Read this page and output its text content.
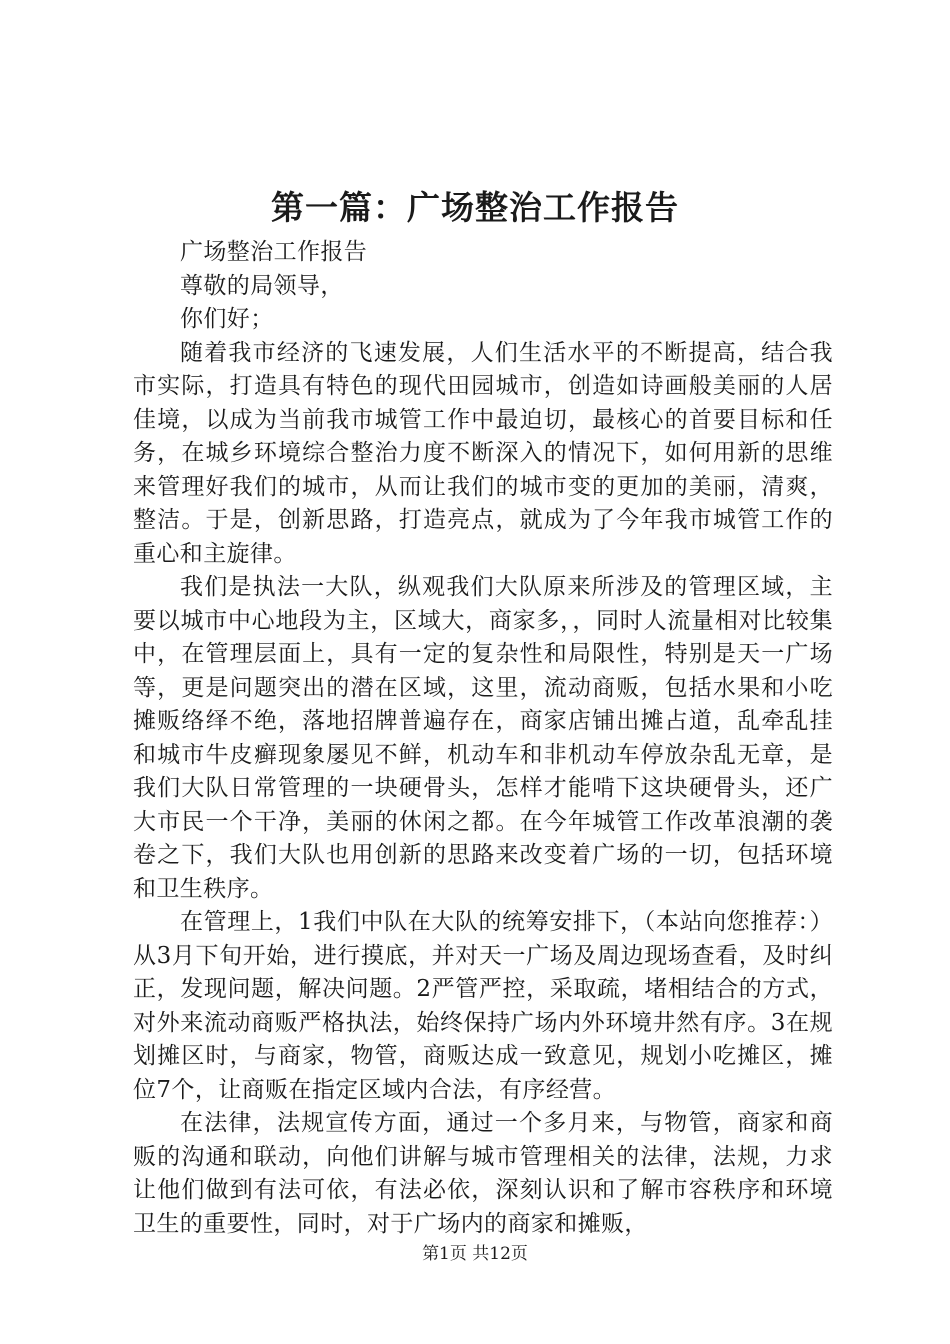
第一篇：广场整治工作报告

广场整治工作报告

尊敬的局领导，

你们好；

随着我市经济的飞速发展，人们生活水平的不断提高，结合我市实际，打造具有特色的现代田园城市，创造如诗画般美丽的人居佳境，以成为当前我市城管工作中最迫切，最核心的首要目标和任务，在城乡环境综合整治力度不断深入的情况下，如何用新的思维来管理好我们的城市，从而让我们的城市变的更加的美丽，清爽，整洁。于是，创新思路，打造亮点，就成为了今年我市城管工作的重心和主旋律。

我们是执法一大队，纵观我们大队原来所涉及的管理区域，主要以城市中心地段为主，区域大，商家多，，同时人流量相对比较集中，在管理层面上，具有一定的复杂性和局限性，特别是天一广场等，更是问题突出的潜在区域，这里，流动商贩，包括水果和小吃摊贩络绎不绝，落地招牌普遍存在，商家店铺出摊占道，乱牵乱挂和城市牛皮癣现象屡见不鲜，机动车和非机动车停放杂乱无章，是我们大队日常管理的一块硬骨头，怎样才能啃下这块硬骨头，还广大市民一个干净，美丽的休闲之都。在今年城管工作改革浪潮的袭卷之下，我们大队也用创新的思路来改变着广场的一切，包括环境和卫生秩序。

在管理上，1我们中队在大队的统筹安排下，（本站向您推荐：）从3月下旬开始，进行摸底，并对天一广场及周边现场查看，及时纠正，发现问题，解决问题。2严管严控，采取疏，堵相结合的方式，对外来流动商贩严格执法，始终保持广场内外环境井然有序。3在规划摊区时，与商家，物管，商贩达成一致意见，规划小吃摊区，摊位7个，让商贩在指定区域内合法，有序经营。

在法律，法规宣传方面，通过一个多月来，与物管，商家和商贩的沟通和联动，向他们讲解与城市管理相关的法律，法规，力求让他们做到有法可依，有法必依，深刻认识和了解市容秩序和环境卫生的重要性，同时，对于广场内的商家和摊贩，

第1页 共12页
